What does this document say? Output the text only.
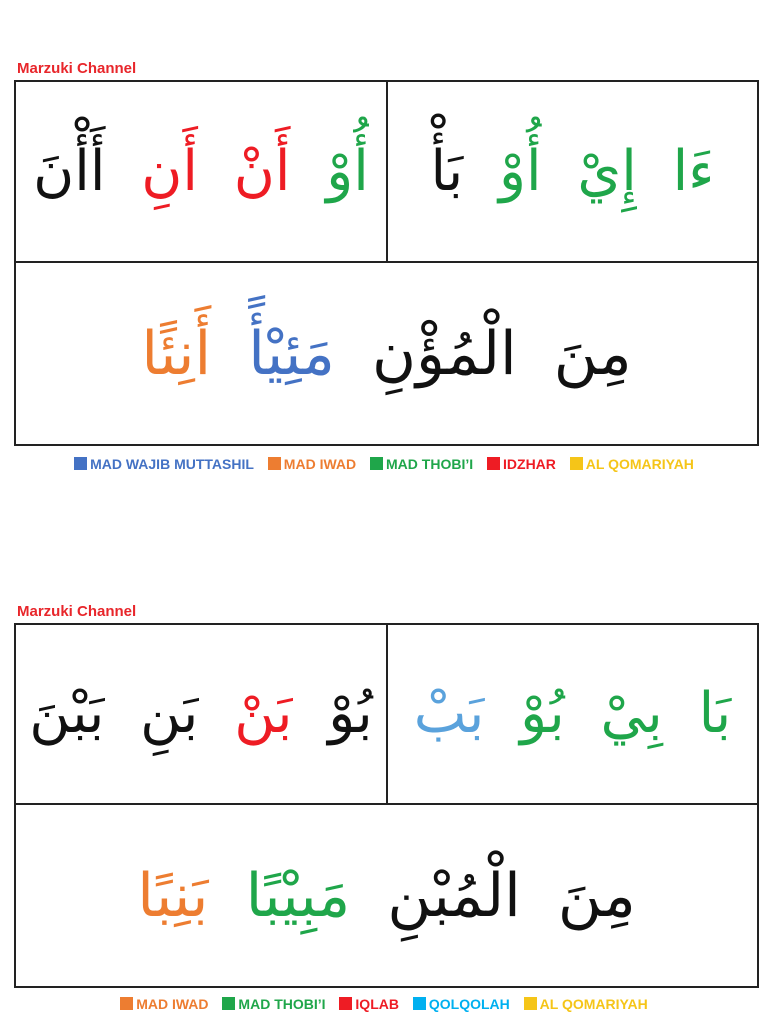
Marzuki Channel
أُوْ أَنْ أَنِ أَأْنَ	ءَا إِيْ أُوْ بَأْ
مِنَ الْمُؤْنِ مَئِيْأً أَنِئًا
MAD WAJIB MUTTASHIL MAD IWAD MAD THOBI’I IDZHAR AL QOMARIYAH
Marzuki Channel
بُوْ بَنْ بَنِ بَبْنَ	بَا بِيْ بُوْ بَبْ
مِنَ الْمُبْنِ مَبِيْبًا بَنِبًا
MAD IWAD MAD THOBI’I IQLAB QOLQOLAH AL QOMARIYAH
